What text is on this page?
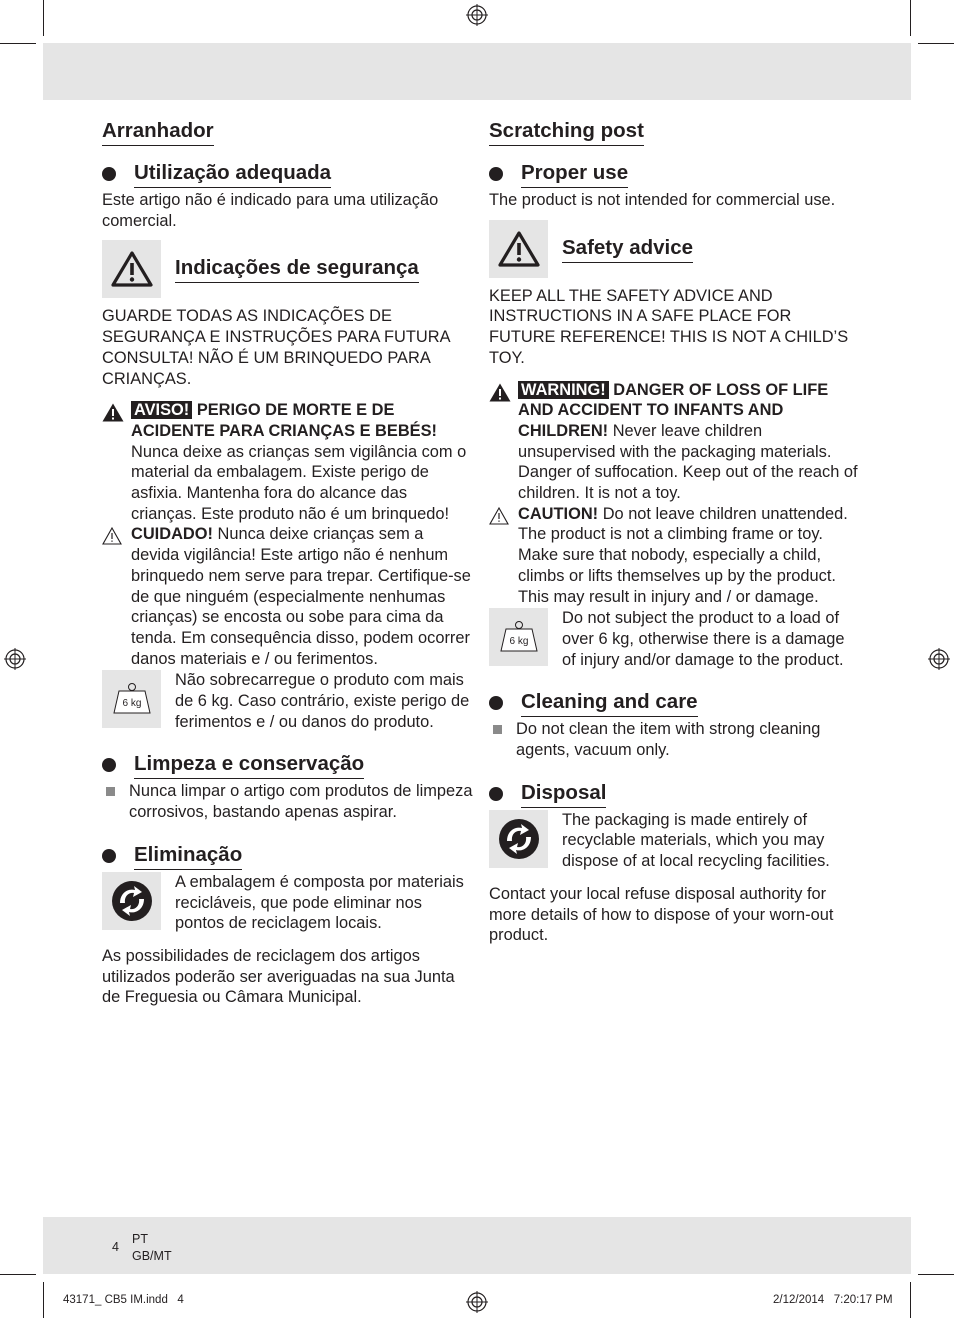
Arranhador
Utilização adequada

Este artigo não é indicado para uma utilização comercial.

Indicações de segurança

GUARDE TODAS AS INDICAÇÕES DE SEGURANÇA E INSTRUÇÕES PARA FUTURA CONSULTA! NÃO É UM BRINQUEDO PARA CRIANÇAS.

AVISO! PERIGO DE MORTE E DE ACIDENTE PARA CRIANÇAS E BEBÉS! Nunca deixe as crianças sem vigilância com o material da embalagem. Existe perigo de asfixia. Mantenha fora do alcance das crianças. Este produto não é um brinquedo!
CUIDADO! Nunca deixe crianças sem a devida vigilância! Este artigo não é nenhum brinquedo nem serve para trepar. Certifique-se de que ninguém (especialmente nenhumas crianças) se encosta ou sobe para cima da tenda. Em consequência disso, podem ocorrer danos materiais e / ou ferimentos.
6 kg

Não sobrecarregue o produto com mais de 6 kg. Caso contrário, existe perigo de ferimentos e / ou danos do produto.

Limpeza e conservação
Nunca limpar o artigo com produtos de limpeza corrosivos, bastando apenas aspirar.
Eliminação

A embalagem é composta por materiais recicláveis, que pode eliminar nos pontos de reciclagem locais.

As possibilidades de reciclagem dos artigos utilizados poderão ser averiguadas na sua Junta de Freguesia ou Câmara Municipal.

Scratching post
Proper use

The product is not intended for commercial use.

Safety advice

KEEP ALL THE SAFETY ADVICE AND INSTRUCTIONS IN A SAFE PLACE FOR FUTURE REFERENCE! THIS IS NOT A CHILD’S TOY.

WARNING! DANGER OF LOSS OF LIFE AND ACCIDENT TO INFANTS AND CHILDREN! Never leave children unsupervised with the packaging materials. Danger of suffocation. Keep out of the reach of children. It is not a toy.
CAUTION! Do not leave children unattended. The product is not a climbing frame or toy. Make sure that nobody, especially a child, climbs or lifts themselves up by the product. This may result in injury and / or damage.
6 kg

Do not subject the product to a load of over 6 kg, otherwise there is a damage of injury and/or damage to the product.

Cleaning and care
Do not clean the item with strong cleaning agents, vacuum only.
Disposal

The packaging is made entirely of recyclable materials, which you may dispose of at local recycling facilities.

Contact your local refuse disposal authority for more details of how to dispose of your worn-out product.

4
PT
GB/MT
43171_ CB5 IM.indd   4	2/12/2014   7:20:17 PM
